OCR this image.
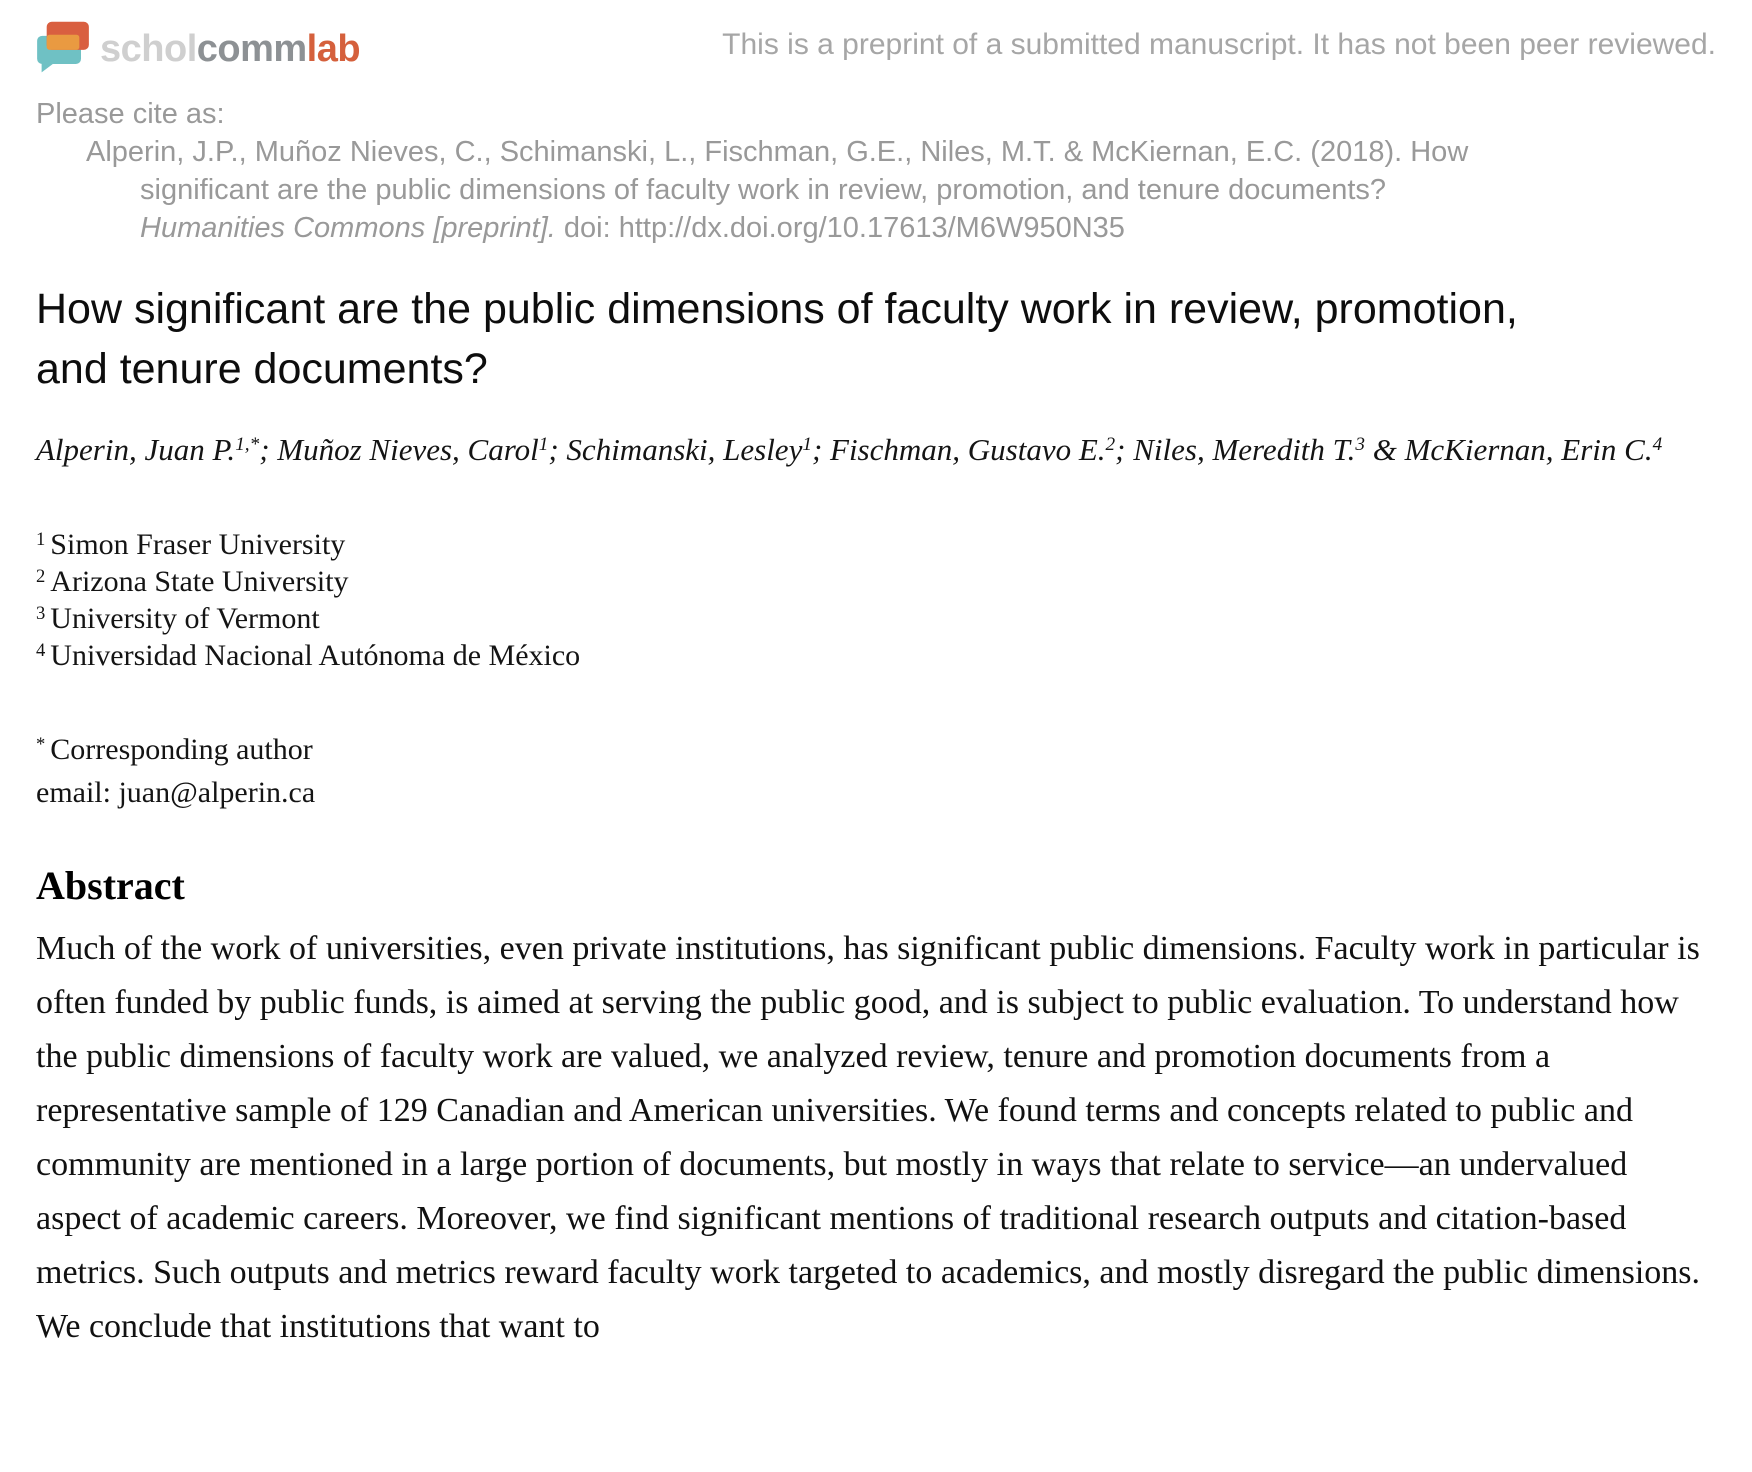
scholcommlab	This is a preprint of a submitted manuscript. It has not been peer reviewed.
Please cite as:
Alperin, J.P., Muñoz Nieves, C., Schimanski, L., Fischman, G.E., Niles, M.T. & McKiernan, E.C. (2018). How significant are the public dimensions of faculty work in review, promotion, and tenure documents? Humanities Commons [preprint]. doi: http://dx.doi.org/10.17613/M6W950N35
How significant are the public dimensions of faculty work in review, promotion, and tenure documents?
Alperin, Juan P.$^{1,*}$; Muñoz Nieves, Carol$^1$; Schimanski, Lesley$^1$; Fischman, Gustavo E.$^2$; Niles, Meredith T.$^3$ & McKiernan, Erin C.$^4$
$^1$ Simon Fraser University
$^2$ Arizona State University
$^3$ University of Vermont
$^4$ Universidad Nacional Autónoma de México
* Corresponding author
email: juan@alperin.ca
Abstract

Much of the work of universities, even private institutions, has significant public dimensions. Faculty work in particular is often funded by public funds, is aimed at serving the public good, and is subject to public evaluation. To understand how the public dimensions of faculty work are valued, we analyzed review, tenure and promotion documents from a representative sample of 129 Canadian and American universities. We found terms and concepts related to public and community are mentioned in a large portion of documents, but mostly in ways that relate to service—an undervalued aspect of academic careers. Moreover, we find significant mentions of traditional research outputs and citation-based metrics. Such outputs and metrics reward faculty work targeted to academics, and mostly disregard the public dimensions. We conclude that institutions that want to
